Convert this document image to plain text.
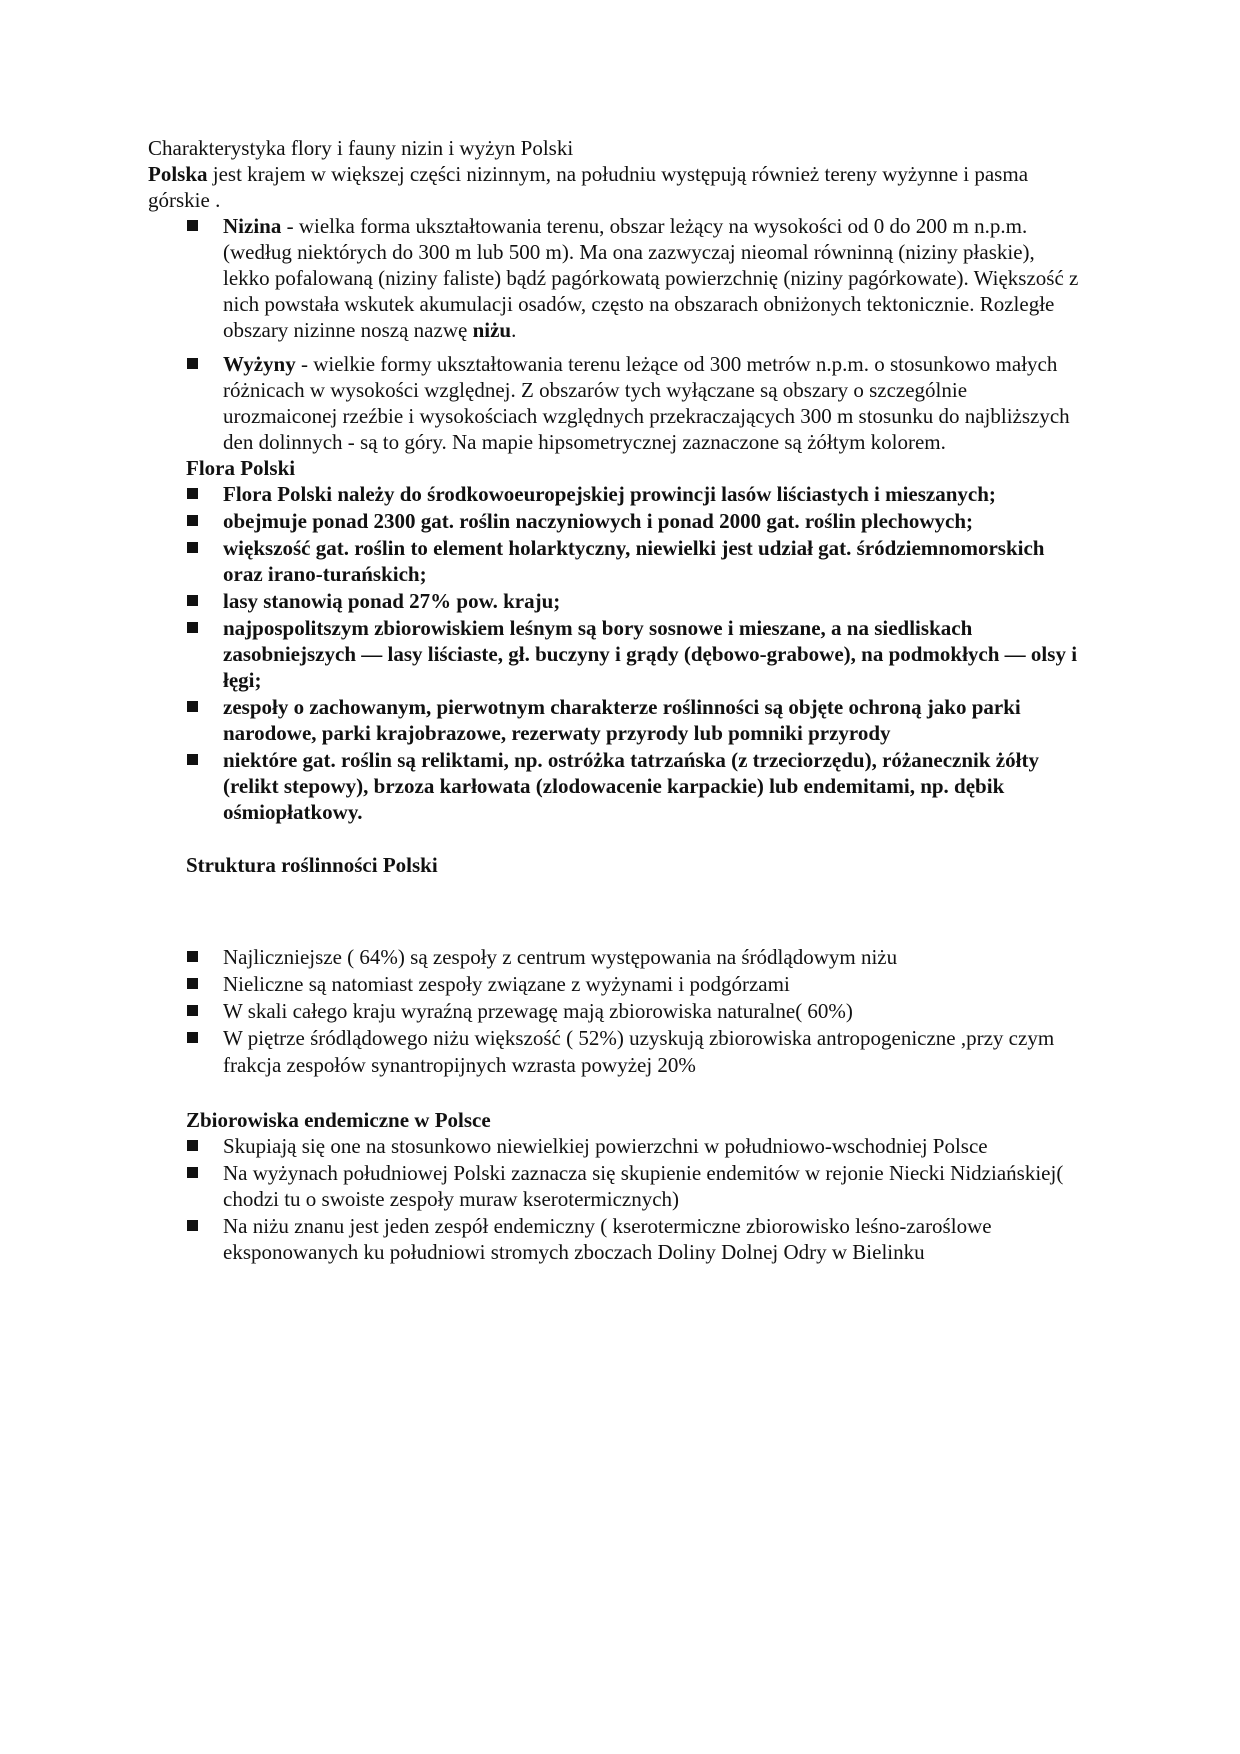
Charakterystyka flory i fauny nizin i wyżyn Polski

Polska jest krajem w większej części nizinnym, na południu występują również tereny wyżynne i pasma górskie .

Nizina - wielka forma ukształtowania terenu, obszar leżący na wysokości od 0 do 200 m n.p.m. (według niektórych do 300 m lub 500 m). Ma ona zazwyczaj nieomal równinną (niziny płaskie), lekko pofalowaną (niziny faliste) bądź pagórkowatą powierzchnię (niziny pagórkowate). Większość z nich powstała wskutek akumulacji osadów, często na obszarach obniżonych tektonicznie. Rozległe obszary nizinne noszą nazwę niżu.
Wyżyny - wielkie formy ukształtowania terenu leżące od 300 metrów n.p.m. o stosunkowo małych różnicach w wysokości względnej. Z obszarów tych wyłączane są obszary o szczególnie urozmaiconej rzeźbie i wysokościach względnych przekraczających 300 m stosunku do najbliższych den dolinnych - są to góry. Na mapie hipsometrycznej zaznaczone są żółtym kolorem.

Flora Polski

Flora Polski należy do środkowoeuropejskiej prowincji lasów liściastych i mieszanych;
obejmuje ponad 2300 gat. roślin naczyniowych i ponad 2000 gat. roślin plechowych;
większość gat. roślin to element holarktyczny, niewielki jest udział gat. śródziemnomorskich oraz irano-turańskich;
lasy stanowią ponad 27% pow. kraju;
najpospolitszym zbiorowiskiem leśnym są bory sosnowe i mieszane, a na siedliskach zasobniejszych — lasy liściaste, gł. buczyny i grądy (dębowo-grabowe), na podmokłych — olsy i łęgi;
zespoły o zachowanym, pierwotnym charakterze roślinności są objęte ochroną jako parki narodowe, parki krajobrazowe, rezerwaty przyrody lub pomniki przyrody
niektóre gat. roślin są reliktami, np. ostróżka tatrzańska (z trzeciorzędu), różanecznik żółty (relikt stepowy), brzoza karłowata (zlodowacenie karpackie) lub endemitami, np. dębik ośmiopłatkowy.

Struktura roślinności Polski

Najliczniejsze ( 64%) są zespoły z centrum występowania na śródlądowym niżu
Nieliczne są natomiast zespoły związane z wyżynami i podgórzami
W skali całego kraju wyraźną przewagę mają zbiorowiska naturalne( 60%)
W piętrze śródlądowego niżu większość ( 52%) uzyskują zbiorowiska antropogeniczne ,przy czym frakcja zespołów synantropijnych wzrasta powyżej 20%

Zbiorowiska endemiczne w Polsce

Skupiają się one na stosunkowo niewielkiej powierzchni w południowo-wschodniej Polsce
Na wyżynach południowej Polski zaznacza się skupienie endemitów w rejonie Niecki Nidziańskiej( chodzi tu o swoiste zespoły muraw kserotermicznych)
Na niżu znanu jest jeden zespół endemiczny ( kserotermiczne zbiorowisko leśno-zaroślowe eksponowanych ku południowi stromych zboczach Doliny Dolnej Odry w Bielinku
